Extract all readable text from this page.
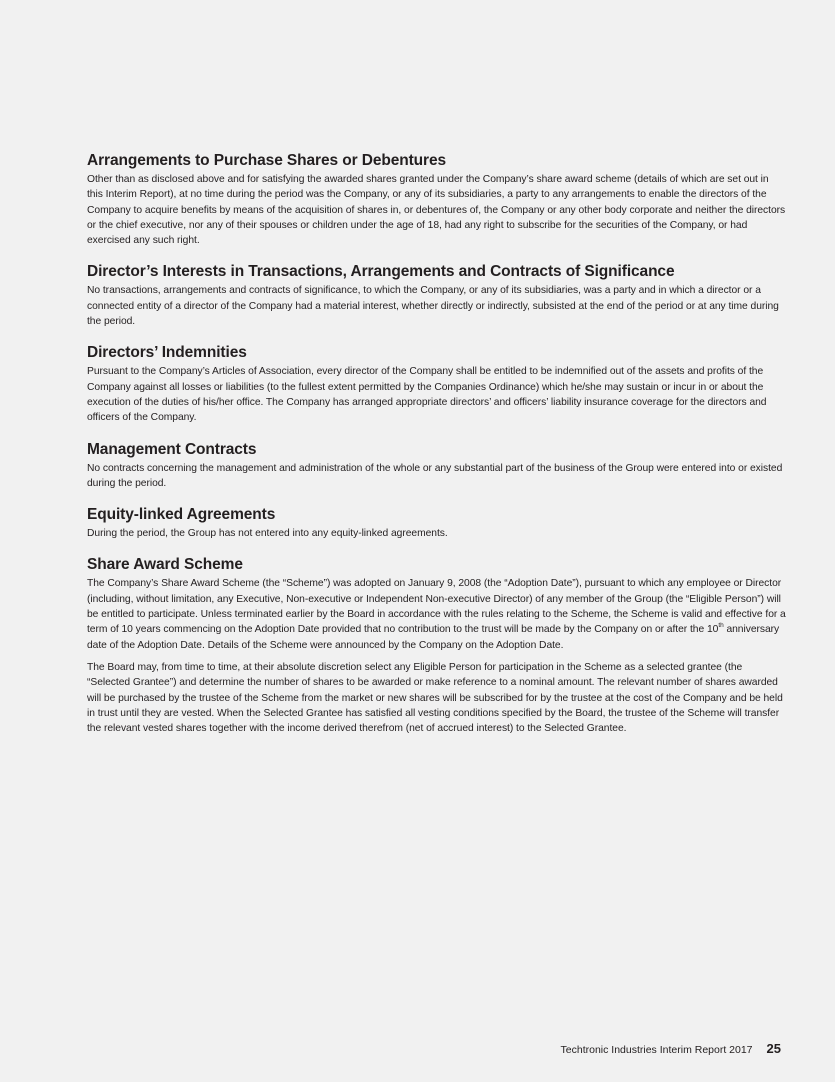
Arrangements to Purchase Shares or Debentures

Other than as disclosed above and for satisfying the awarded shares granted under the Company’s share award scheme (details of which are set out in this Interim Report), at no time during the period was the Company, or any of its subsidiaries, a party to any arrangements to enable the directors of the Company to acquire benefits by means of the acquisition of shares in, or debentures of, the Company or any other body corporate and neither the directors or the chief executive, nor any of their spouses or children under the age of 18, had any right to subscribe for the securities of the Company, or had exercised any such right.

Director’s Interests in Transactions, Arrangements and Contracts of Significance

No transactions, arrangements and contracts of significance, to which the Company, or any of its subsidiaries, was a party and in which a director or a connected entity of a director of the Company had a material interest, whether directly or indirectly, subsisted at the end of the period or at any time during the period.

Directors’ Indemnities

Pursuant to the Company’s Articles of Association, every director of the Company shall be entitled to be indemnified out of the assets and profits of the Company against all losses or liabilities (to the fullest extent permitted by the Companies Ordinance) which he/she may sustain or incur in or about the execution of the duties of his/her office. The Company has arranged appropriate directors’ and officers’ liability insurance coverage for the directors and officers of the Company.

Management Contracts

No contracts concerning the management and administration of the whole or any substantial part of the business of the Group were entered into or existed during the period.

Equity-linked Agreements

During the period, the Group has not entered into any equity-linked agreements.

Share Award Scheme

The Company’s Share Award Scheme (the “Scheme”) was adopted on January 9, 2008 (the “Adoption Date”), pursuant to which any employee or Director (including, without limitation, any Executive, Non-executive or Independent Non-executive Director) of any member of the Group (the “Eligible Person”) will be entitled to participate. Unless terminated earlier by the Board in accordance with the rules relating to the Scheme, the Scheme is valid and effective for a term of 10 years commencing on the Adoption Date provided that no contribution to the trust will be made by the Company on or after the 10th anniversary date of the Adoption Date. Details of the Scheme were announced by the Company on the Adoption Date.

The Board may, from time to time, at their absolute discretion select any Eligible Person for participation in the Scheme as a selected grantee (the “Selected Grantee”) and determine the number of shares to be awarded or make reference to a nominal amount. The relevant number of shares awarded will be purchased by the trustee of the Scheme from the market or new shares will be subscribed for by the trustee at the cost of the Company and be held in trust until they are vested. When the Selected Grantee has satisfied all vesting conditions specified by the Board, the trustee of the Scheme will transfer the relevant vested shares together with the income derived therefrom (net of accrued interest) to the Selected Grantee.

Techtronic Industries Interim Report 2017 25
